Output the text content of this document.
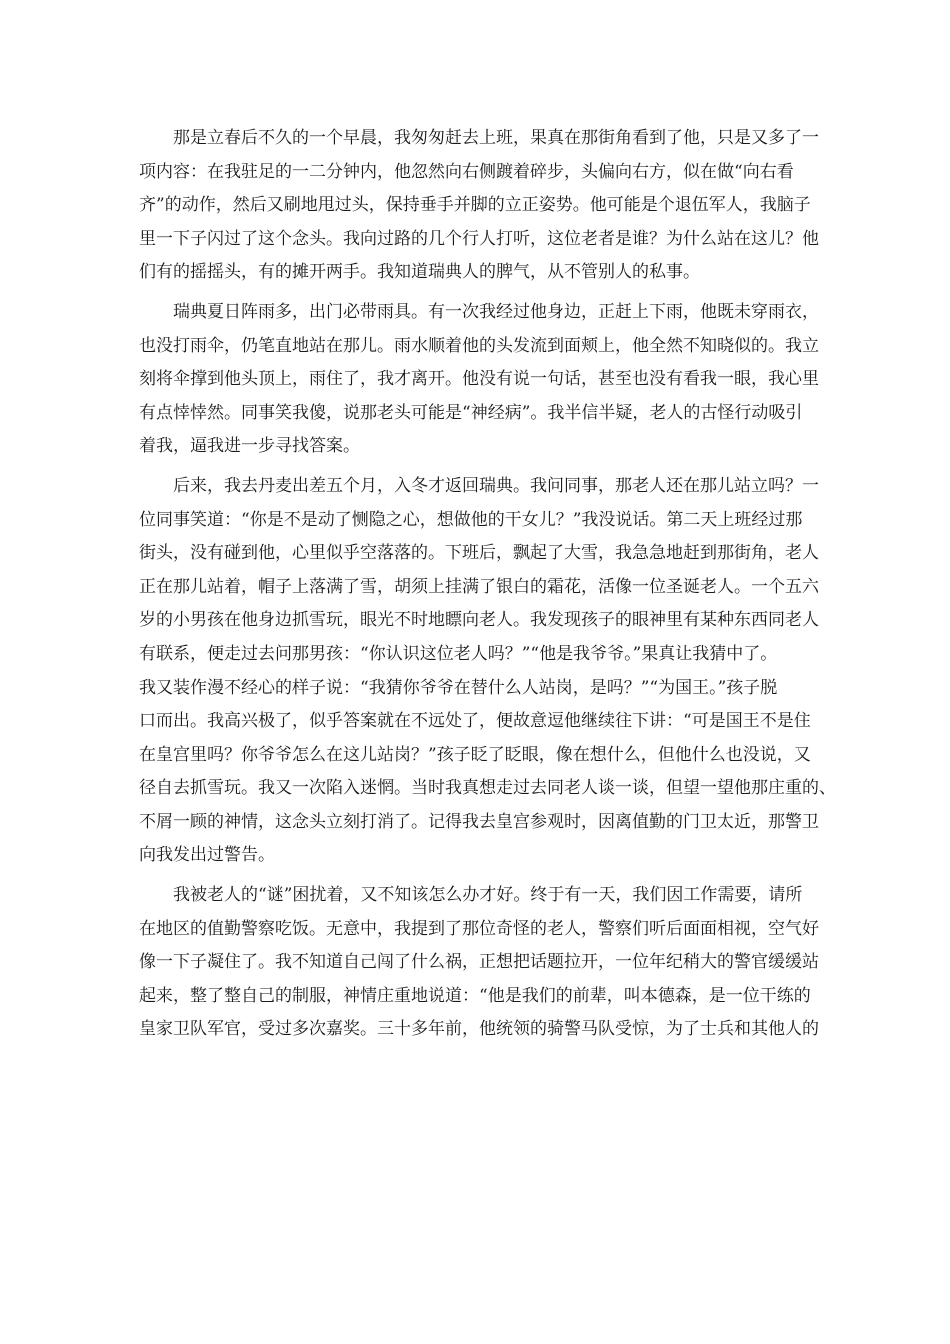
那是立春后不久的一个早晨，我匆匆赶去上班，果真在那街角看到了他，只是又多了一
项内容：在我驻足的一二分钟内，他忽然向右侧踱着碎步，头偏向右方，似在做“向右看
齐”的动作，然后又刷地甩过头，保持垂手并脚的立正姿势。他可能是个退伍军人，我脑子
里一下子闪过了这个念头。我向过路的几个行人打听，这位老者是谁？为什么站在这儿？他
们有的摇摇头，有的摊开两手。我知道瑞典人的脾气，从不管别人的私事。

瑞典夏日阵雨多，出门必带雨具。有一次我经过他身边，正赶上下雨，他既未穿雨衣，
也没打雨伞，仍笔直地站在那儿。雨水顺着他的头发流到面颊上，他全然不知晓似的。我立
刻将伞撑到他头顶上，雨住了，我才离开。他没有说一句话，甚至也没有看我一眼，我心里
有点悻悻然。同事笑我傻，说那老头可能是“神经病”。我半信半疑，老人的古怪行动吸引
着我，逼我进一步寻找答案。

后来，我去丹麦出差五个月，入冬才返回瑞典。我问同事，那老人还在那儿站立吗？一
位同事笑道：“你是不是动了恻隐之心，想做他的干女儿？”我没说话。第二天上班经过那
街头，没有碰到他，心里似乎空落落的。下班后，飘起了大雪，我急急地赶到那街角，老人
正在那儿站着，帽子上落满了雪，胡须上挂满了银白的霜花，活像一位圣诞老人。一个五六
岁的小男孩在他身边抓雪玩，眼光不时地瞟向老人。我发现孩子的眼神里有某种东西同老人
有联系，便走过去问那男孩：“你认识这位老人吗？”“他是我爷爷。”果真让我猜中了。
我又装作漫不经心的样子说：“我猜你爷爷在替什么人站岗，是吗？”“为国王。”孩子脱
口而出。我高兴极了，似乎答案就在不远处了，便故意逗他继续往下讲：“可是国王不是住
在皇宫里吗？你爷爷怎么在这儿站岗？”孩子眨了眨眼，像在想什么，但他什么也没说，又
径自去抓雪玩。我又一次陷入迷惘。当时我真想走过去同老人谈一谈，但望一望他那庄重的、
不屑一顾的神情，这念头立刻打消了。记得我去皇宫参观时，因离值勤的门卫太近，那警卫
向我发出过警告。

我被老人的“谜”困扰着，又不知该怎么办才好。终于有一天，我们因工作需要，请所
在地区的值勤警察吃饭。无意中，我提到了那位奇怪的老人，警察们听后面面相视，空气好
像一下子凝住了。我不知道自己闯了什么祸，正想把话题拉开，一位年纪稍大的警官缓缓站
起来，整了整自己的制服，神情庄重地说道：“他是我们的前辈，叫本德森，是一位干练的
皇家卫队军官，受过多次嘉奖。三十多年前，他统领的骑警马队受惊，为了士兵和其他人的
